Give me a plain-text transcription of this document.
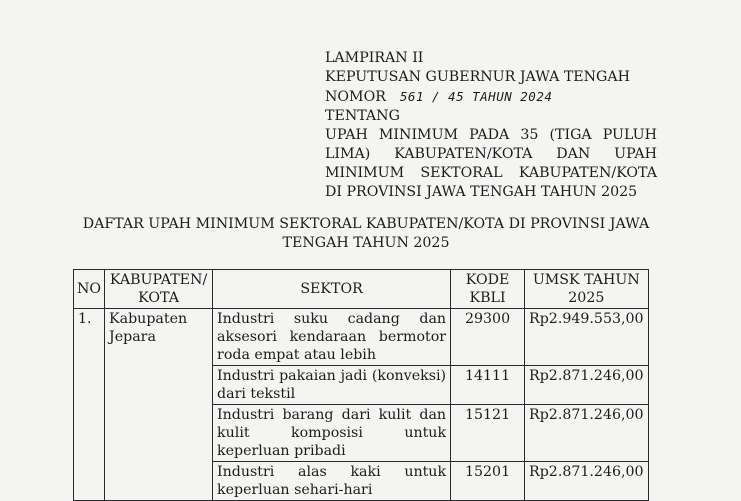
LAMPIRAN II
KEPUTUSAN GUBERNUR JAWA TENGAH
NOMOR 561 / 45 TAHUN 2024
TENTANG
UPAH MINIMUM PADA 35 (TIGA PULUH
LIMA) KABUPATEN/KOTA DAN UPAH
MINIMUM SEKTORAL KABUPATEN/KOTA
DI PROVINSI JAWA TENGAH TAHUN 2025
DAFTAR UPAH MINIMUM SEKTORAL KABUPATEN/KOTA DI PROVINSI JAWA
TENGAH TAHUN 2025
NO	KABUPATEN/ KOTA	SEKTOR	KODE KBLI	UMSK TAHUN 2025
1.	Kabupaten Jepara	Industri suku cadang dan aksesori kendaraan bermotor roda empat atau lebih	29300	Rp2.949.553,00
		Industri pakaian jadi (konveksi) dari tekstil	14111	Rp2.871.246,00
		Industri barang dari kulit dan kulit komposisi untuk keperluan pribadi	15121	Rp2.871.246,00
		Industri alas kaki untuk keperluan sehari-hari	15201	Rp2.871.246,00
